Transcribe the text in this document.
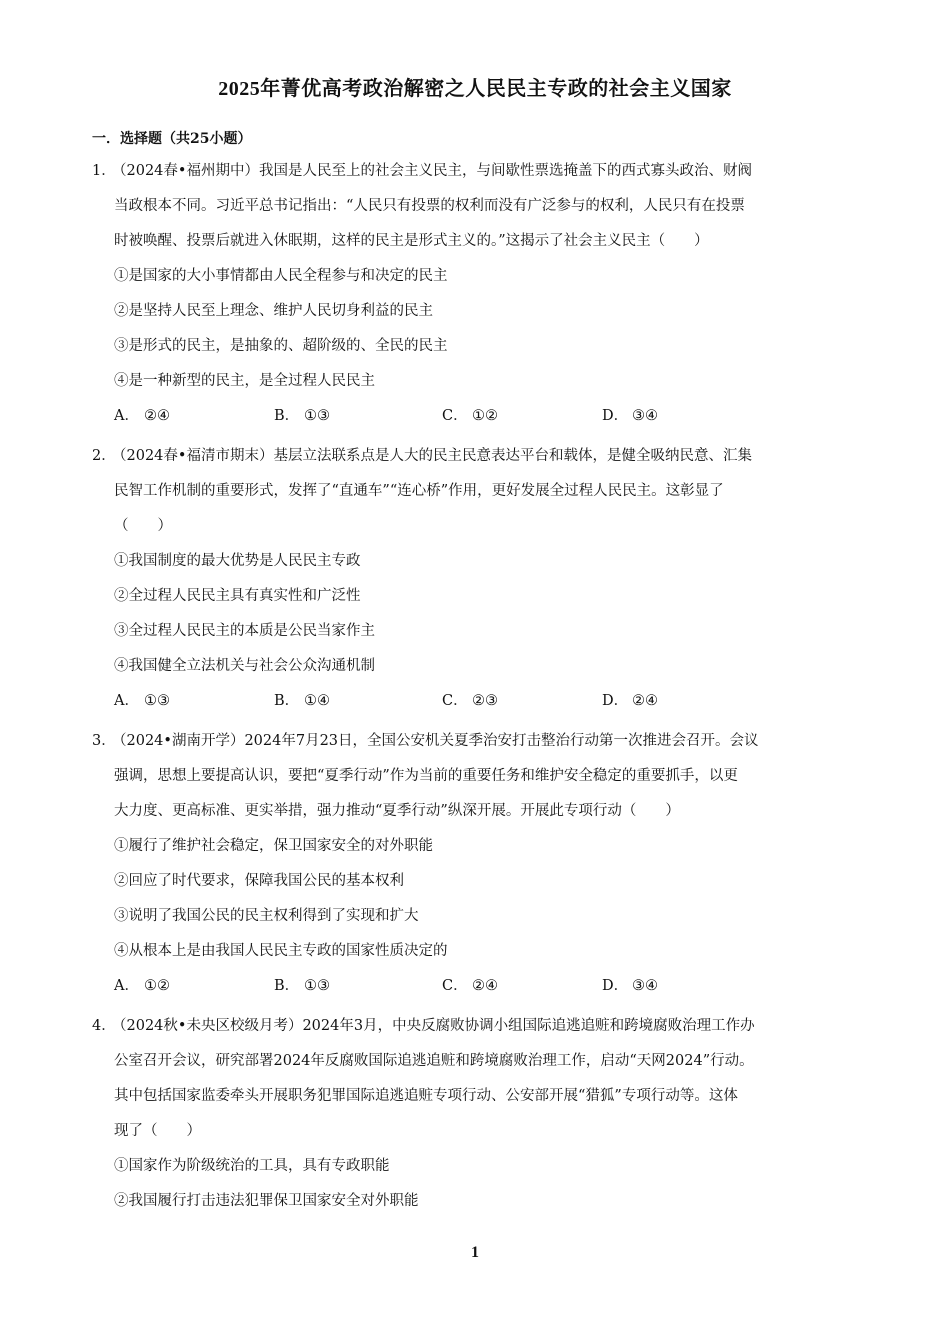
2025年菁优高考政治解密之人民民主专政的社会主义国家
一．选择题（共25小题）
1．（2024春•福州期中）我国是人民至上的社会主义民主，与间歇性票选掩盖下的西式寡头政治、财阀
当政根本不同。习近平总书记指出：“人民只有投票的权利而没有广泛参与的权利，人民只有在投票
时被唤醒、投票后就进入休眠期，这样的民主是形式主义的。”这揭示了社会主义民主（　　）
①是国家的大小事情都由人民全程参与和决定的民主
②是坚持人民至上理念、维护人民切身利益的民主
③是形式的民主，是抽象的、超阶级的、全民的民主
④是一种新型的民主，是全过程人民民主
A． ②④	B． ①③	C． ①②	D． ③④
2．（2024春•福清市期末）基层立法联系点是人大的民主民意表达平台和载体，是健全吸纳民意、汇集
民智工作机制的重要形式，发挥了“直通车”“连心桥”作用，更好发展全过程人民民主。这彰显了
（　　）
①我国制度的最大优势是人民民主专政
②全过程人民民主具有真实性和广泛性
③全过程人民民主的本质是公民当家作主
④我国健全立法机关与社会公众沟通机制
A． ①③	B． ①④	C． ②③	D． ②④
3．（2024•湖南开学）2024年7月23日，全国公安机关夏季治安打击整治行动第一次推进会召开。会议
强调，思想上要提高认识，要把“夏季行动”作为当前的重要任务和维护安全稳定的重要抓手，以更
大力度、更高标准、更实举措，强力推动“夏季行动”纵深开展。开展此专项行动（　　）
①履行了维护社会稳定，保卫国家安全的对外职能
②回应了时代要求，保障我国公民的基本权利
③说明了我国公民的民主权利得到了实现和扩大
④从根本上是由我国人民民主专政的国家性质决定的
A． ①②	B． ①③	C． ②④	D． ③④
4．（2024秋•未央区校级月考）2024年3月，中央反腐败协调小组国际追逃追赃和跨境腐败治理工作办
公室召开会议，研究部署2024年反腐败国际追逃追赃和跨境腐败治理工作，启动“天网2024”行动。
其中包括国家监委牵头开展职务犯罪国际追逃追赃专项行动、公安部开展“猎狐”专项行动等。这体
现了（　　）
①国家作为阶级统治的工具，具有专政职能
②我国履行打击违法犯罪保卫国家安全对外职能
1
